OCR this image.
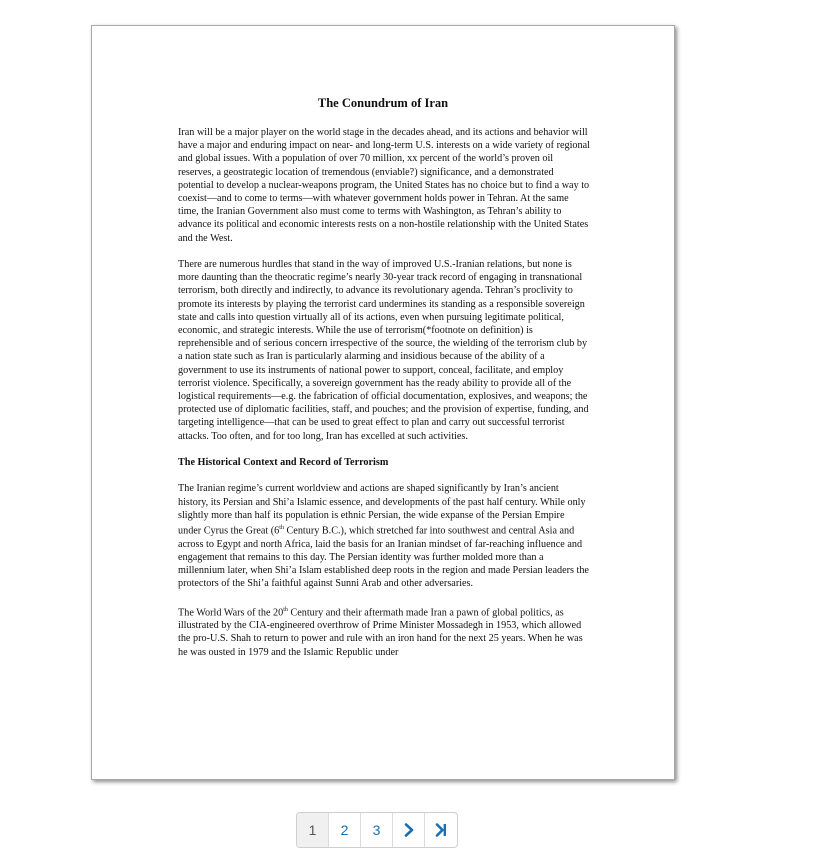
The Conundrum of Iran

Iran will be a major player on the world stage in the decades ahead, and its actions and behavior will have a major and enduring impact on near- and long-term U.S. interests on a wide variety of regional and global issues. With a population of over 70 million, xx percent of the world’s proven oil reserves, a geostrategic location of tremendous (enviable?) significance, and a demonstrated potential to develop a nuclear-weapons program, the United States has no choice but to find a way to coexist—and to come to terms—with whatever government holds power in Tehran. At the same time, the Iranian Government also must come to terms with Washington, as Tehran’s ability to advance its political and economic interests rests on a non-hostile relationship with the United States and the West.

There are numerous hurdles that stand in the way of improved U.S.-Iranian relations, but none is more daunting than the theocratic regime’s nearly 30-year track record of engaging in transnational terrorism, both directly and indirectly, to advance its revolutionary agenda. Tehran’s proclivity to promote its interests by playing the terrorist card undermines its standing as a responsible sovereign state and calls into question virtually all of its actions, even when pursuing legitimate political, economic, and strategic interests. While the use of terrorism(*footnote on definition) is reprehensible and of serious concern irrespective of the source, the wielding of the terrorism club by a nation state such as Iran is particularly alarming and insidious because of the ability of a government to use its instruments of national power to support, conceal, facilitate, and employ terrorist violence. Specifically, a sovereign government has the ready ability to provide all of the logistical requirements—e.g. the fabrication of official documentation, explosives, and weapons; the protected use of diplomatic facilities, staff, and pouches; and the provision of expertise, funding, and targeting intelligence—that can be used to great effect to plan and carry out successful terrorist attacks. Too often, and for too long, Iran has excelled at such activities.

The Historical Context and Record of Terrorism

The Iranian regime’s current worldview and actions are shaped significantly by Iran’s ancient history, its Persian and Shi’a Islamic essence, and developments of the past half century. While only slightly more than half its population is ethnic Persian, the wide expanse of the Persian Empire under Cyrus the Great (6th Century B.C.), which stretched far into southwest and central Asia and across to Egypt and north Africa, laid the basis for an Iranian mindset of far-reaching influence and engagement that remains to this day. The Persian identity was further molded more than a millennium later, when Shi’a Islam established deep roots in the region and made Persian leaders the protectors of the Shi’a faithful against Sunni Arab and other adversaries.

The World Wars of the 20th Century and their aftermath made Iran a pawn of global politics, as illustrated by the CIA-engineered overthrow of Prime Minister Mossadegh in 1953, which allowed the pro-U.S. Shah to return to power and rule with an iron hand for the next 25 years. When he was he was ousted in 1979 and the Islamic Republic under

1	2	3
